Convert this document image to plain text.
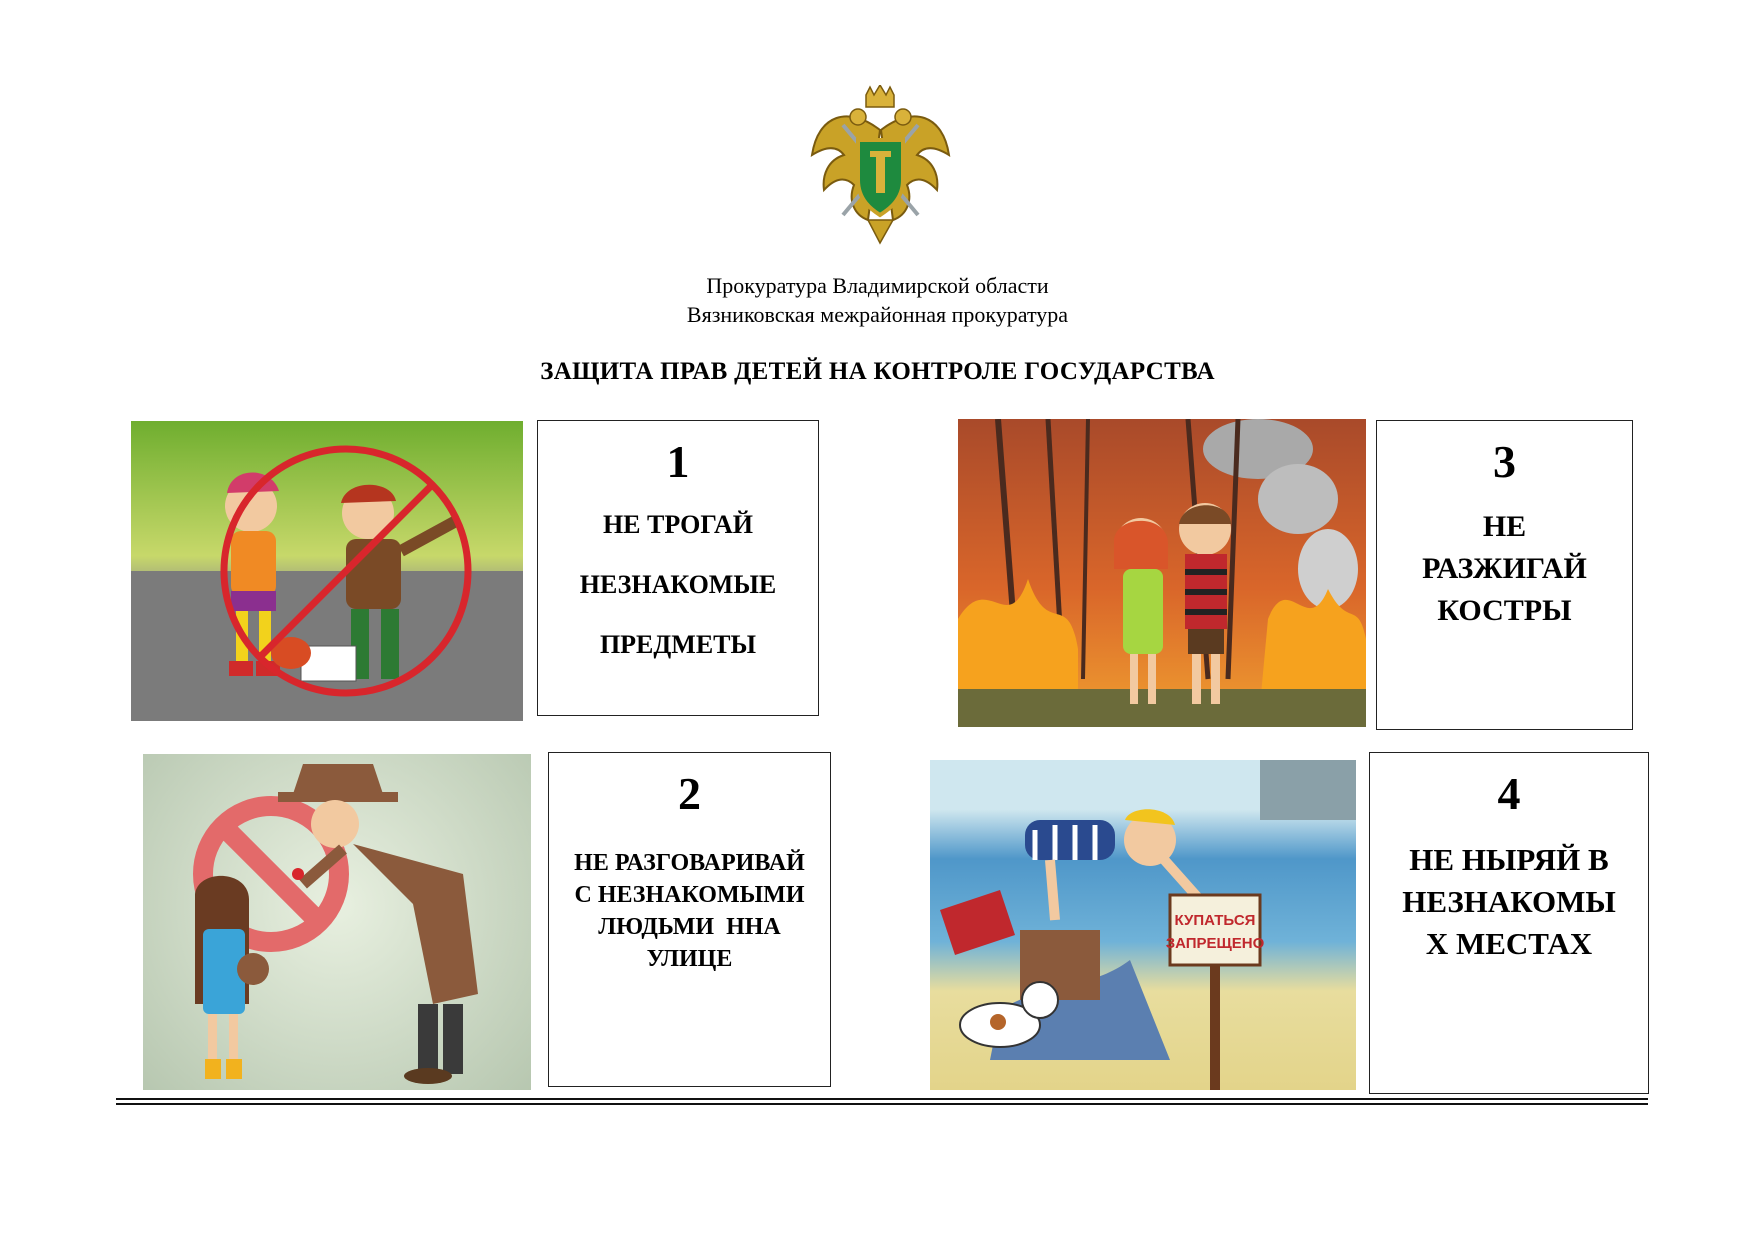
Прокуратура Владимирской области
Вязниковская межрайонная прокуратура
ЗАЩИТА ПРАВ ДЕТЕЙ НА КОНТРОЛЕ ГОСУДАРСТВА
1
НЕ ТРОГАЙ
НЕЗНАКОМЫЕ
ПРЕДМЕТЫ
3
НЕ
РАЗЖИГАЙ
КОСТРЫ
2
НЕ РАЗГОВАРИВАЙ
С НЕЗНАКОМЫМИ
ЛЮДЬМИ  ННА
УЛИЦЕ
КУПАТЬСЯ
ЗАПРЕЩЕНО
4
НЕ НЫРЯЙ В
НЕЗНАКОМЫ
Х МЕСТАХ
